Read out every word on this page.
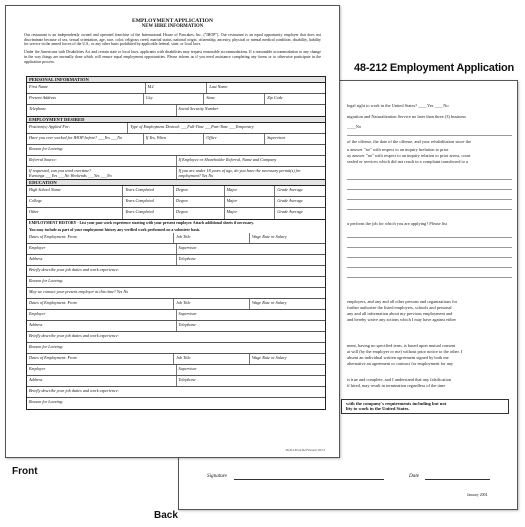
48-212 Employment Application
legal right to work in the United States? ____Yes ____No
nigration and Naturalization Service no later than three (3) business
____No
of the offense, the date of the offense, and your rehabilitation since the
u answer "no" with respect to an inquiry hrelation to prior
ay answer "no" with respect to an inquiry relation to prior arrest, court
sealed or services which did not result in a complaint transferred to a
u perform the job for which you are applying? Please list
employers, and any and all other persons and organizations for
further authorize the listed employers, schools and personal
any and all information about my previous employment and
and hereby waive any actions which I may have against either
ment, having no specified term, is based upon mutual consent
at will (by the employer or me) without prior notice to the other. I
absent an individual written agreement signed by both me
alternative an agreement or contract for employment for any
is true and complete, and I understand that any falsification
if hired, may result in termination regardless of the time
with the company's requirements including but not
lity to work in the United States.
Signature	Date
January 2004
EMPLOYMENT APPLICATION
NEW HIRE INFORMATION

Our restaurant is an independently owned and operated franchise of the International House of Pancakes, Inc. ("IHOP"). Our restaurant is an equal opportunity employer that does not discriminate because of sex, sexual orientation, age, race, color, religious creed, marital status, national origin, citizenship, ancestry, physical or mental medical condition, disability, liability for service in the armed forces of the U.S., or any other basis prohibited by applicable federal, state, or local laws.

Under the Americans with Disabilities Act and certain state or local laws, applicants with disabilities may request reasonable accommodations. If a reasonable accommodation to any change in the way things are normally done which will ensure equal employment opportunities. Please inform us if you need assistance completing any forms or to otherwise participate in the application process.

PERSONAL INFORMATION
First Name	M.I.	Last Name
Present Address	City	State	Zip Code
Telephone	Social Security Number
EMPLOYMENT DESIRED
Position(s) Applied For:	Type of Employment Desired: ___Full-Time ___Part-Time ___Temporary
Have you ever worked for IHOP before? ___Yes ___No	If Yes, When	Office	Supervisor
Reason for Leaving:
Referral Source:	If Employee or Shareholder Referral, Name and Company
If requested, can you work overtime?
Evenings ___Yes ___No Weekends ___Yes ___No
If you are under 18 years of age, do you have the necessary permit(s) for employment? Yes No
EDUCATION
High School Name	Years Completed	Degree	Major	Grade Average
College	Years Completed	Degree	Major	Grade Average
Other	Years Completed	Degree	Major	Grade Average
EMPLOYMENT HISTORY - List your past work experience starting with your present employer. Attach additional sheets if necessary.
You may include as part of your employment history any verified work performed on a volunteer basis.
Dates of Employment: From	Job Title	Wage Rate or Salary
Employer	Supervisor
Address	Telephone
Briefly describe your job duties and work experience:
Reason for Leaving:
May we contact your present employer at this time? Yes No
Dates of Employment: From	Job Title	Wage Rate or Salary
Employer	Supervisor
Address	Telephone
Briefly describe your job duties and work experience:
Reason for Leaving:
Dates of Employment: From	Job Title	Wage Rate or Salary
Employer	Supervisor
Address	Telephone
Briefly describe your job duties and work experience:
Reason for Leaving:
48-212-Front Ref/Version: 05/13
Front
Back
